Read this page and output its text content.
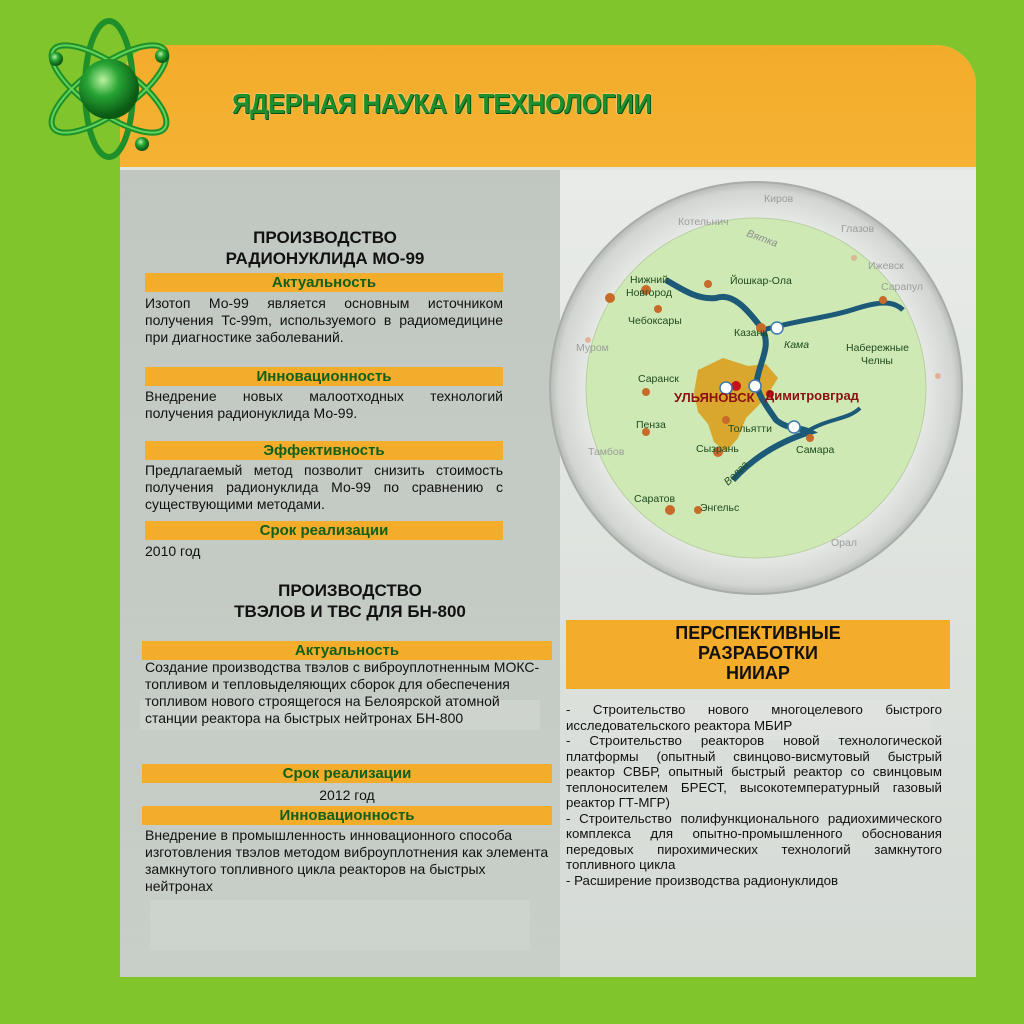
ЯДЕРНАЯ НАУКА И ТЕХНОЛОГИИ
ПРОИЗВОДСТВО
РАДИОНУКЛИДА МО-99
Актуальность
Изотоп Мо-99 является основным источником получения Тс-99m, используемого в радиомедицине при диагностике заболеваний.
Инновационность
Внедрение новых малоотходных технологий получения радионуклида Мо-99.
Эффективность
Предлагаемый метод позволит снизить стоимость получения радионуклида Мо-99 по сравнению с существующими методами.
Срок реализации
2010 год
ПРОИЗВОДСТВО
ТВЭЛОВ И ТВС ДЛЯ БН-800
Актуальность
Создание производства твэлов с виброуплотненным МОКС-топливом и тепловыделяющих сборок для обеспечения топливом нового строящегося на Белоярской атомной станции реактора на быстрых нейтронах БН-800
Срок реализации
2012 год
Инновационность
Внедрение в промышленность инновационного способа изготовления твэлов методом виброуплотнения как элемента замкнутого топливного цикла реакторов на быстрых нейтронах
Котельнич
Киров
Глазов
Ижевск
Сарапул
Муром
Тамбов
Орал
Нижний
Новгород
Йошкар-Ола
Чебоксары
Казань
Кама	Набережные
Челны
Саранск
Пенза	Тольятти
Сызрань	Самара
Саратов
Энгельс
Волга
Вятка
УЛЬЯНОВСК Димитровград
ПЕРСПЕКТИВНЫЕ
РАЗРАБОТКИ
НИИАР
- Строительство нового многоцелевого быстрого исследовательского реактора МБИР
- Строительство реакторов новой технологической платформы (опытный свинцово-висмутовый быстрый реактор СВБР, опытный быстрый реактор со свинцовым теплоносителем БРЕСТ, высокотемпературный газовый реактор ГТ-МГР)
- Строительство полифункционального радиохимического комплекса для опытно-промышленного обоснования передовых пирохимических технологий замкнутого топливного цикла
- Расширение производства радионуклидов
